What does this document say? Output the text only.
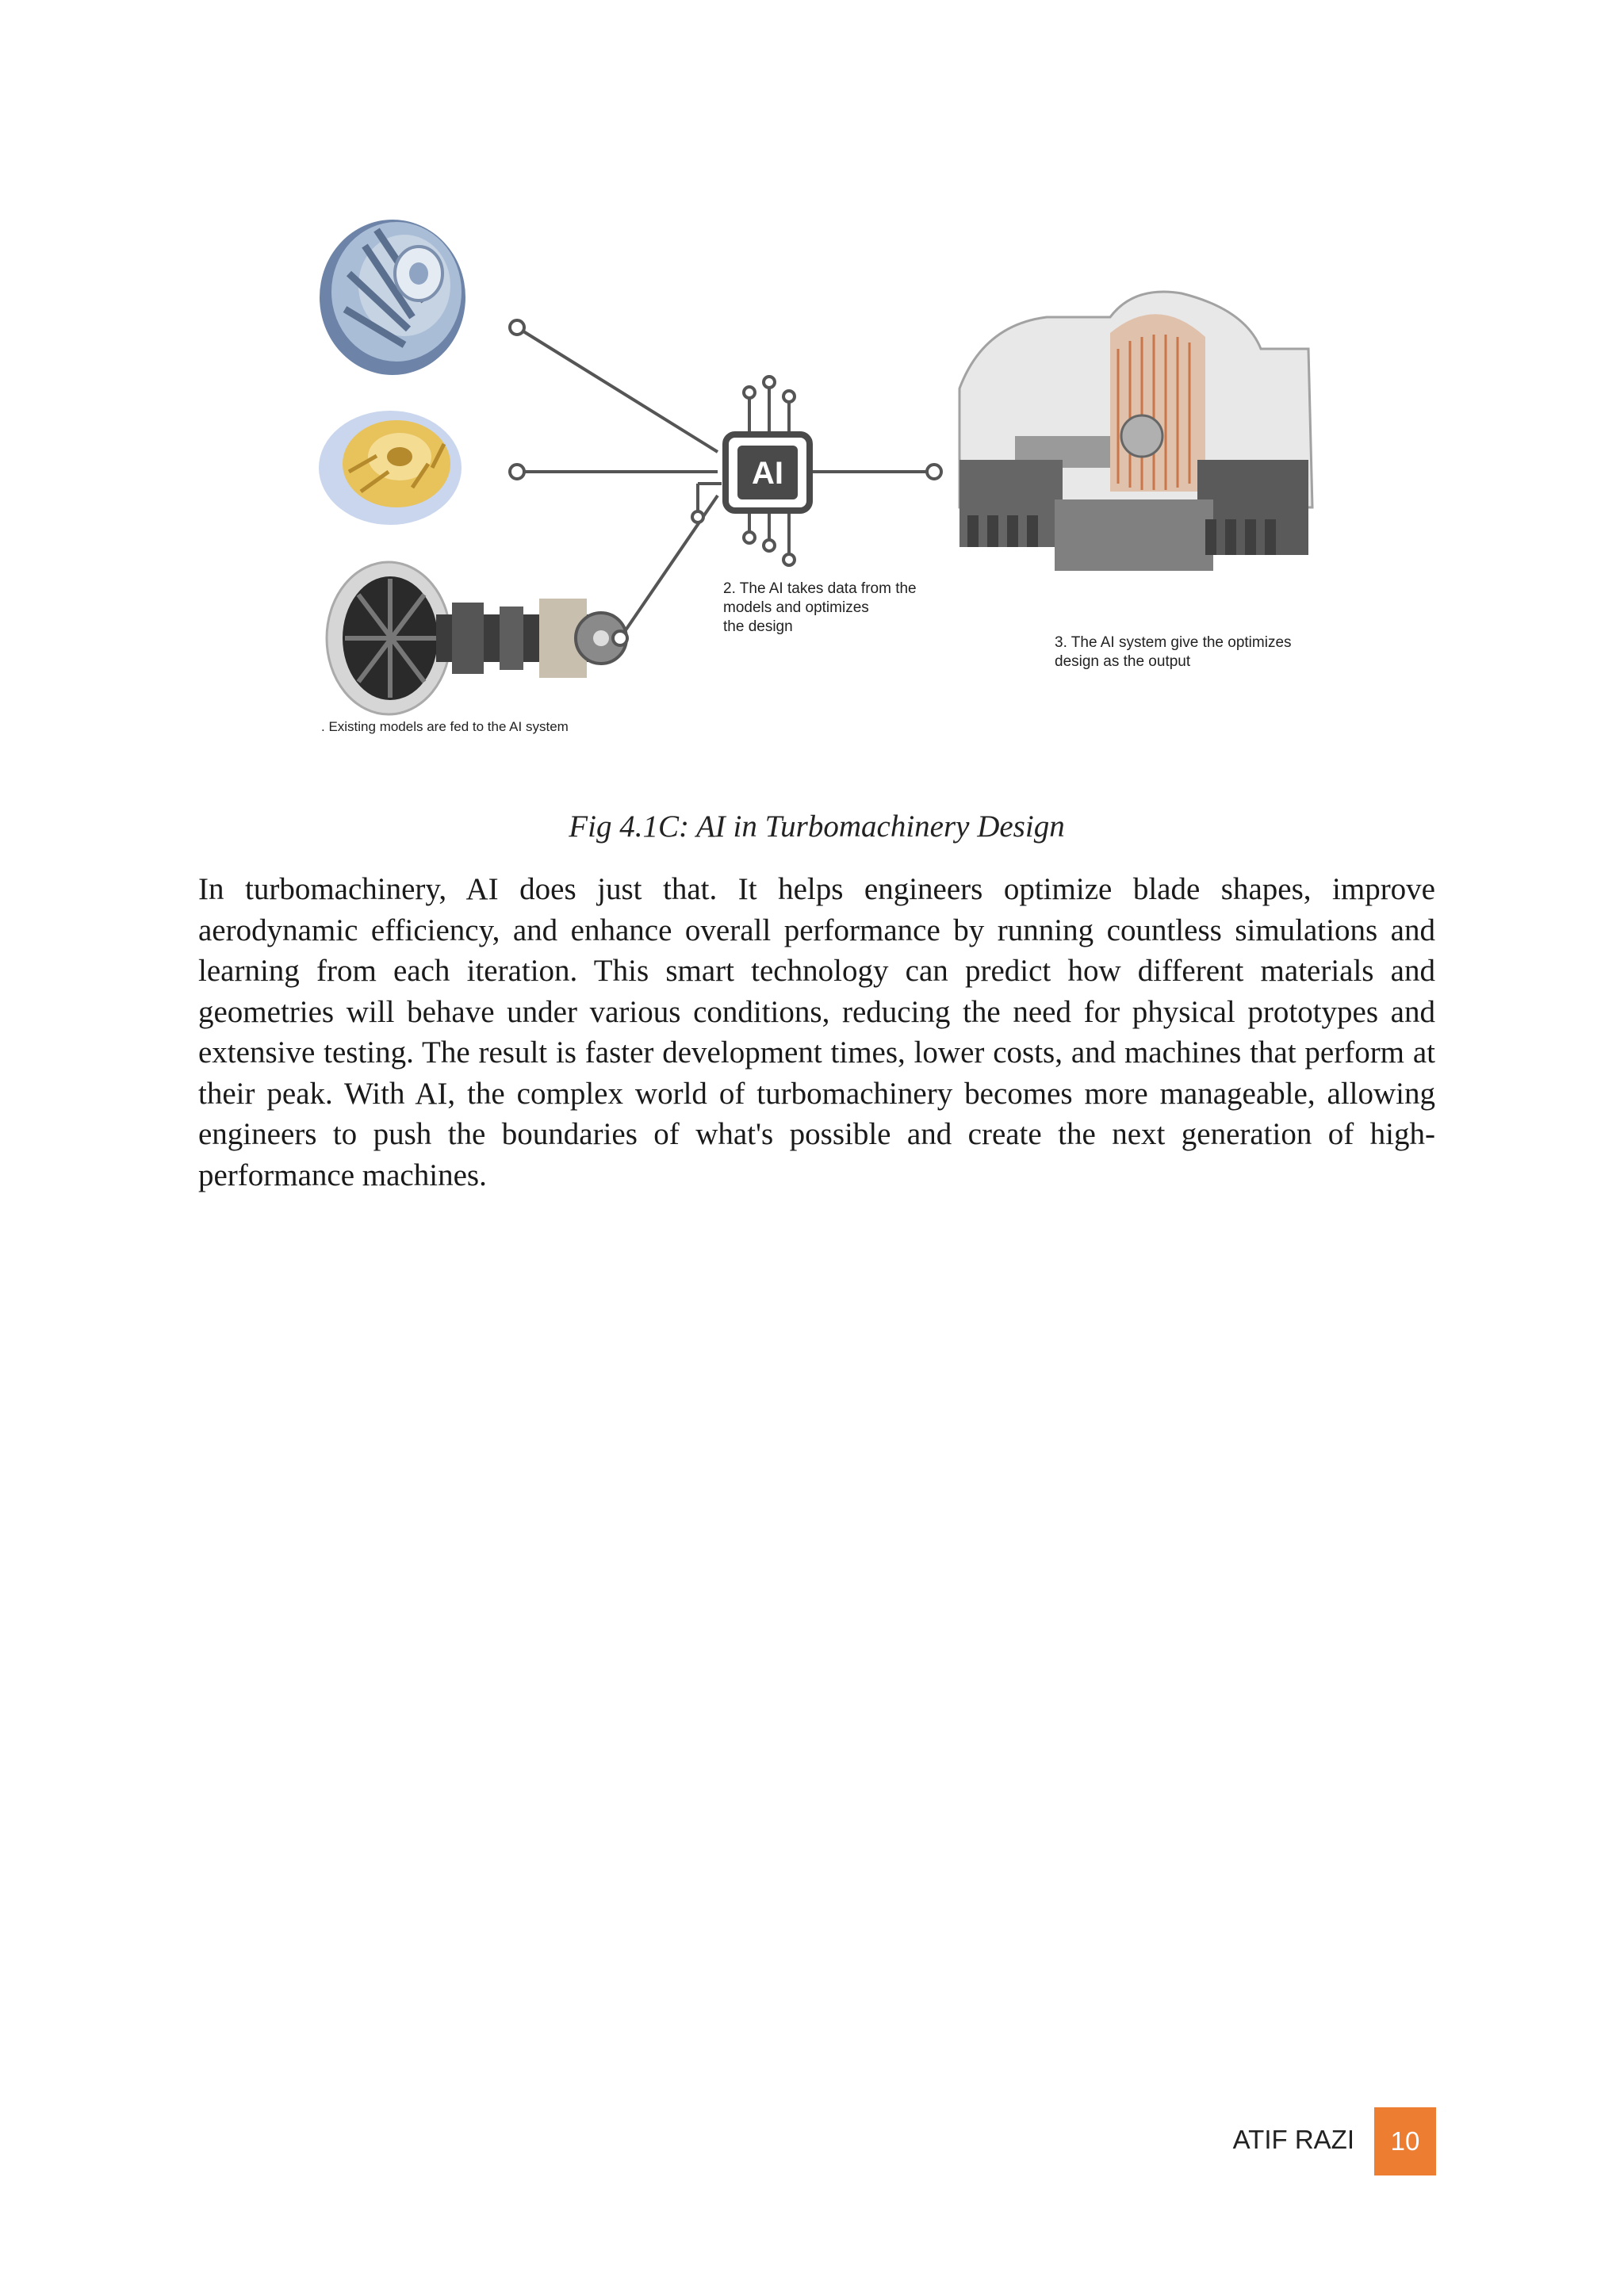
AI
2. The AI takes data from the
models and optimizes
the design
3. The AI system give the optimizes
design as the output
. Existing models are fed to the AI system
Fig 4.1C: AI in Turbomachinery Design

In turbomachinery, AI does just that. It helps engineers optimize blade shapes, improve aerodynamic efficiency, and enhance overall performance by running countless simulations and learning from each iteration. This smart technology can predict how different materials and geometries will behave under various conditions, reducing the need for physical prototypes and extensive testing. The result is faster development times, lower costs, and machines that perform at their peak. With AI, the complex world of turbomachinery becomes more manageable, allowing engineers to push the boundaries of what's possible and create the next generation of high-performance machines.

ATIF RAZI	10
